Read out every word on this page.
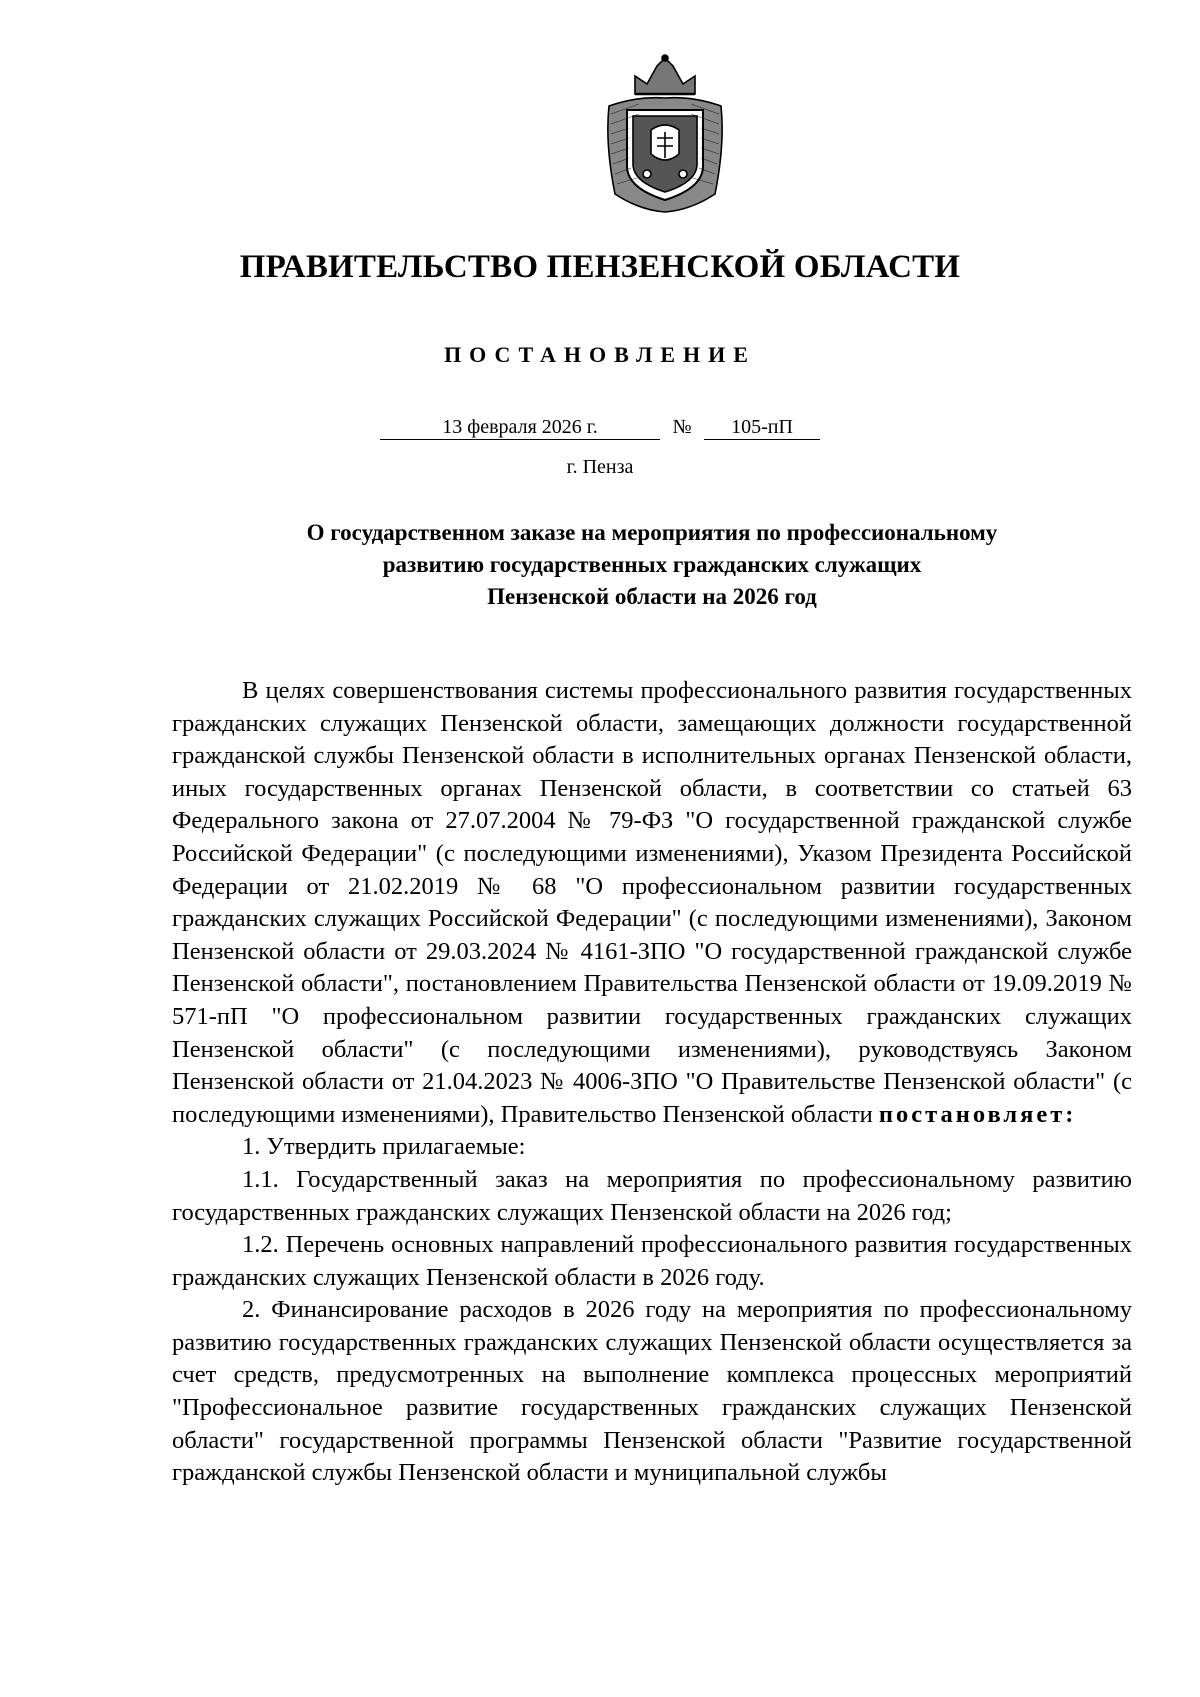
ПРАВИТЕЛЬСТВО ПЕНЗЕНСКОЙ ОБЛАСТИ
ПОСТАНОВЛЕНИЕ
13 февраля 2026 г.	№ 105-пП
г. Пенза
О государственном заказе на мероприятия по профессиональному
развитию государственных гражданских служащих
Пензенской области на 2026 год

В целях совершенствования системы профессионального развития государственных гражданских служащих Пензенской области, замещающих должности государственной гражданской службы Пензенской области в исполнительных органах Пензенской области, иных государственных органах Пензенской области, в соответствии со статьей 63 Федерального закона от 27.07.2004 № 79-ФЗ "О государственной гражданской службе Российской Федерации" (с последующими изменениями), Указом Президента Российской Федерации от 21.02.2019 № 68 "О профессиональном развитии государственных гражданских служащих Российской Федерации" (с последующими изменениями), Законом Пензенской области от 29.03.2024 № 4161-ЗПО "О государственной гражданской службе Пензенской области", постановлением Правительства Пензенской области от 19.09.2019 № 571-пП "О профессиональном развитии государственных гражданских служащих Пензенской области" (с последующими изменениями), руководствуясь Законом Пензенской области от 21.04.2023 № 4006-ЗПО "О Правительстве Пензенской области" (с последующими изменениями), Правительство Пензенской области постановляет:

1. Утвердить прилагаемые:

1.1. Государственный заказ на мероприятия по профессиональному развитию государственных гражданских служащих Пензенской области на 2026 год;

1.2. Перечень основных направлений профессионального развития государственных гражданских служащих Пензенской области в 2026 году.

2. Финансирование расходов в 2026 году на мероприятия по профессиональному развитию государственных гражданских служащих Пензенской области осуществляется за счет средств, предусмотренных на выполнение комплекса процессных мероприятий "Профессиональное развитие государственных гражданских служащих Пензенской области" государственной программы Пензенской области "Развитие государственной гражданской службы Пензенской области и муниципальной службы
